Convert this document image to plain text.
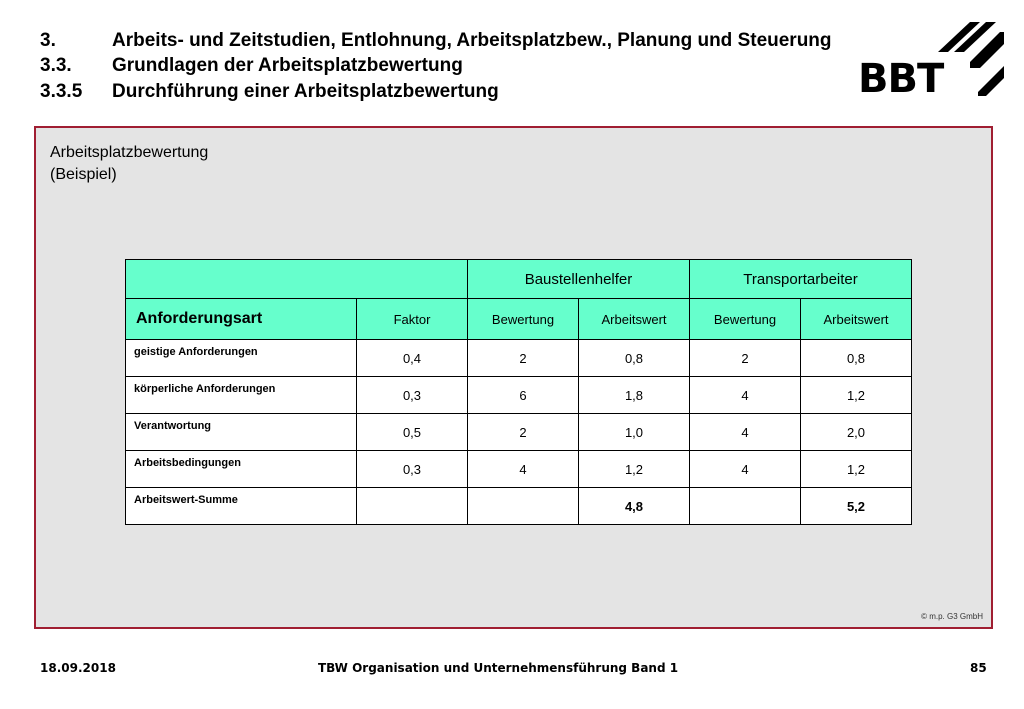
3.	Arbeits- und Zeitstudien, Entlohnung, Arbeitsplatzbew., Planung und Steuerung
3.3. Grundlagen der Arbeitsplatzbewertung
3.3.5 Durchführung einer Arbeitsplatzbewertung	BBT
Arbeitsplatzbewertung
(Beispiel)
© m.p. G3 GmbH
		Baustellenhelfer		Transportarbeiter	
Anforderungsart	Faktor	Bewertung	Arbeitswert	Bewertung	Arbeitswert
geistige Anforderungen	0,4	2	0,8	2	0,8
körperliche Anforderungen	0,3	6	1,8	4	1,2
Verantwortung	0,5	2	1,0	4	2,0
Arbeitsbedingungen	0,3	4	1,2	4	1,2
Arbeitswert-Summe			4,8		5,2
18.09.2018	TBW Organisation und Unternehmensführung Band 1	85
